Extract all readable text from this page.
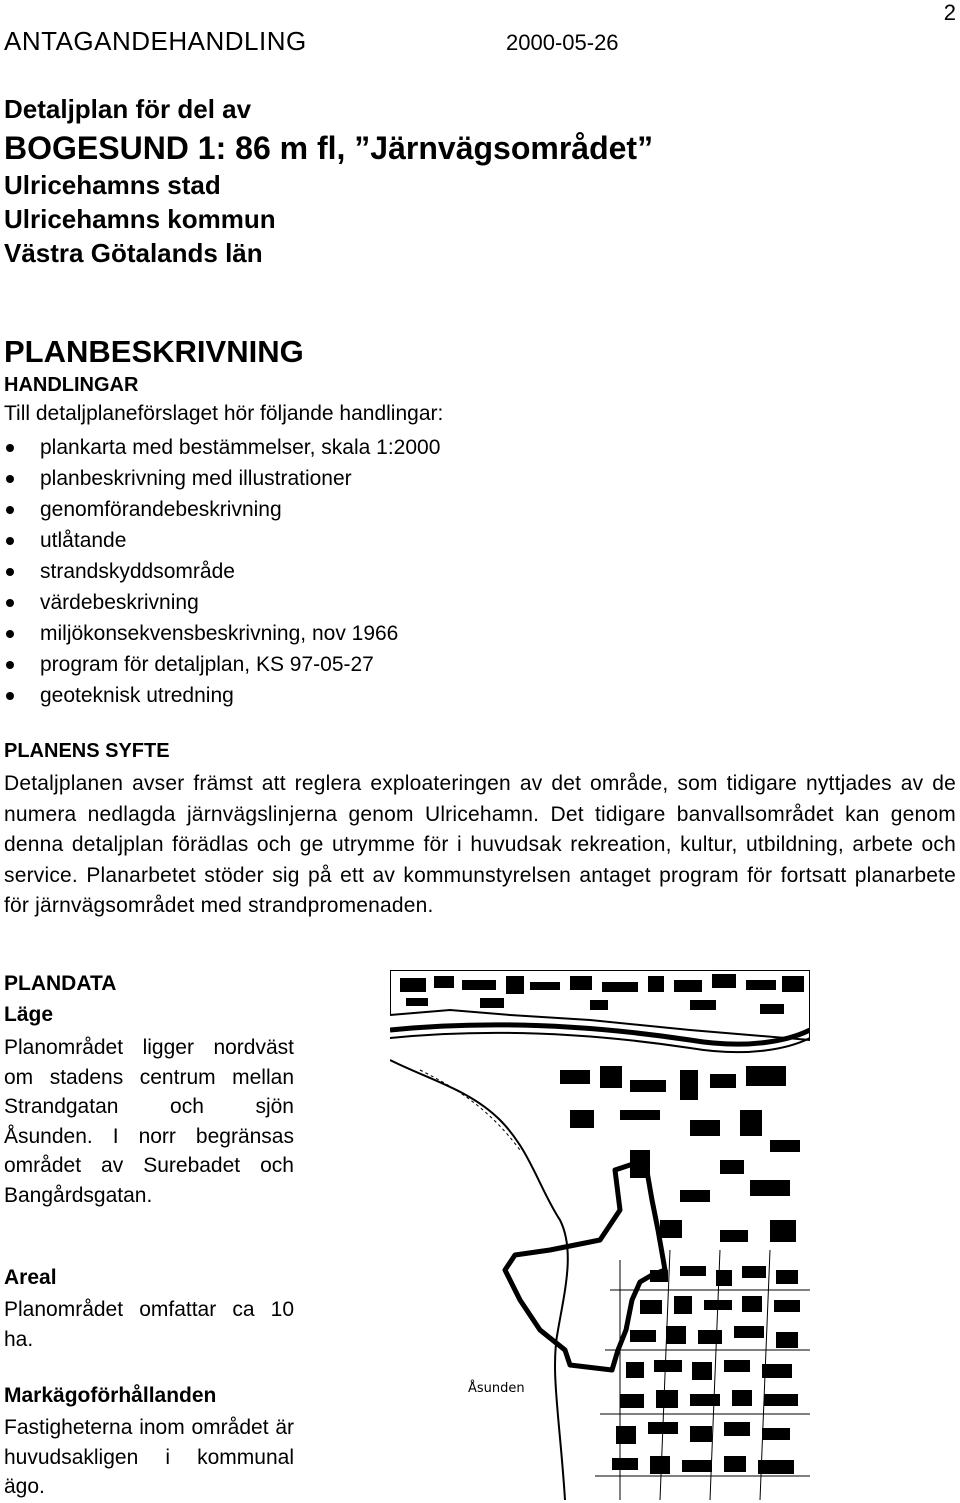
2
ANTAGANDEHANDLING	2000-05-26
Detaljplan för del av
BOGESUND 1: 86 m fl, ”Järnvägsområdet”
Ulricehamns stad
Ulricehamns kommun
Västra Götalands län
PLANBESKRIVNING
HANDLINGAR
Till detaljplaneförslaget hör följande handlingar:
plankarta med bestämmelser, skala 1:2000
planbeskrivning med illustrationer
genomförandebeskrivning
utlåtande
strandskyddsområde
värdebeskrivning
miljökonsekvensbeskrivning, nov 1966
program för detaljplan, KS 97-05-27
geoteknisk utredning
PLANENS SYFTE

Detaljplanen avser främst att reglera exploateringen av det område, som tidigare nyttjades av de numera nedlagda järnvägslinjerna genom Ulricehamn. Det tidigare banvallsområdet kan genom denna detaljplan förädlas och ge utrymme för i huvudsak rekreation, kultur, utbildning, arbete och service. Planarbetet stöder sig på ett av kommunstyrelsen antaget program för fortsatt planarbete för järnvägsområdet med strandpromenaden.

PLANDATA
Läge

Planområdet ligger nordväst om stadens centrum mellan Strandgatan och sjön Åsunden. I norr begränsas området av Surebadet och Bangårdsgatan.

Areal

Planområdet omfattar ca 10 ha.

Markägoförhållanden

Fastigheterna inom området är huvudsakligen i kommunal ägo.

Åsunden
